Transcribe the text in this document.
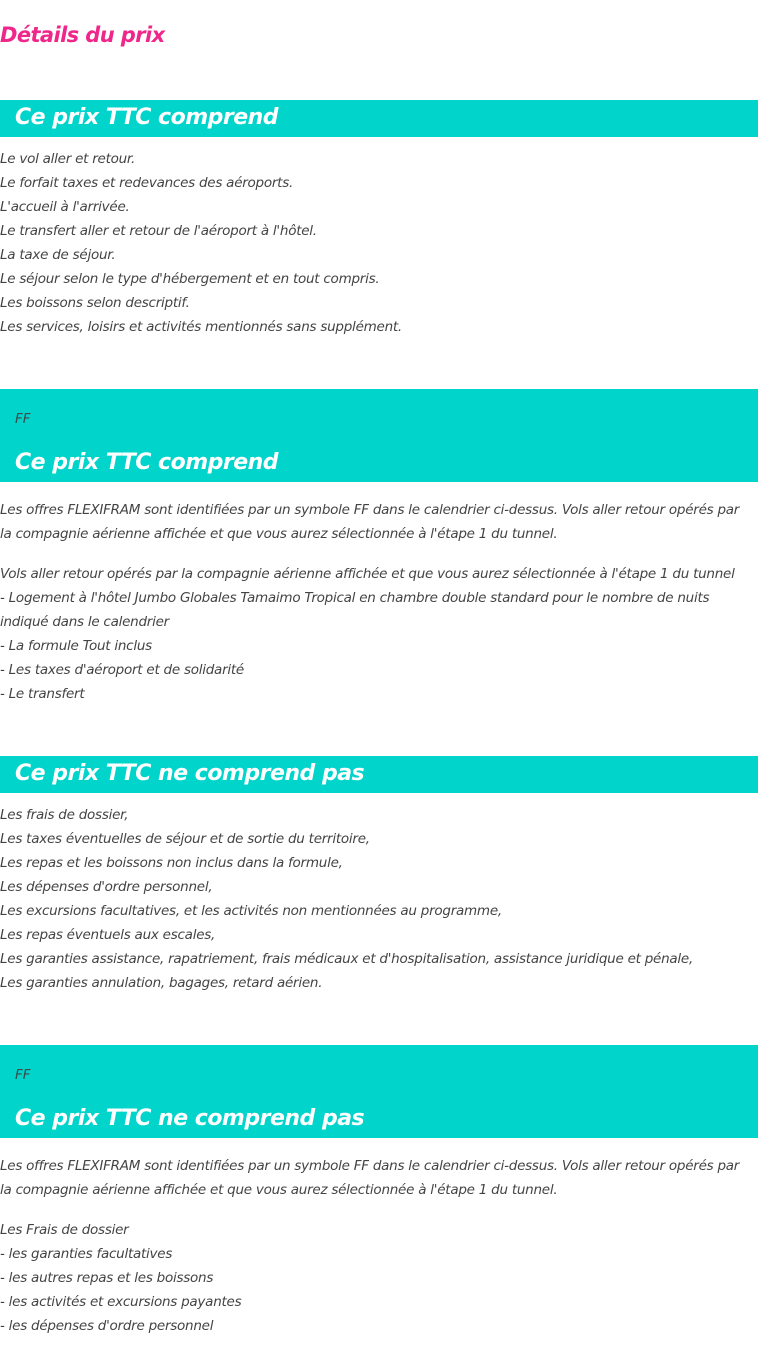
Détails du prix
Ce prix TTC comprend
Le vol aller et retour.
Le forfait taxes et redevances des aéroports.
L'accueil à l'arrivée.
Le transfert aller et retour de l'aéroport à l'hôtel.
La taxe de séjour.
Le séjour selon le type d'hébergement et en tout compris.
Les boissons selon descriptif.
Les services, loisirs et activités mentionnés sans supplément.
FF
Ce prix TTC comprend

Les offres FLEXIFRAM sont identifiées par un symbole FF dans le calendrier ci-dessus. Vols aller retour opérés par la compagnie aérienne affichée et que vous aurez sélectionnée à l'étape 1 du tunnel.

Vols aller retour opérés par la compagnie aérienne affichée et que vous aurez sélectionnée à l'étape 1 du tunnel

- Logement à l'hôtel Jumbo Globales Tamaimo Tropical en chambre double standard pour le nombre de nuits indiqué dans le calendrier

- La formule Tout inclus
- Les taxes d'aéroport et de solidarité
- Le transfert
Ce prix TTC ne comprend pas
Les frais de dossier,
Les taxes éventuelles de séjour et de sortie du territoire,
Les repas et les boissons non inclus dans la formule,
Les dépenses d'ordre personnel,
Les excursions facultatives, et les activités non mentionnées au programme,
Les repas éventuels aux escales,
Les garanties assistance, rapatriement, frais médicaux et d'hospitalisation, assistance juridique et pénale,
Les garanties annulation, bagages, retard aérien.
FF
Ce prix TTC ne comprend pas

Les offres FLEXIFRAM sont identifiées par un symbole FF dans le calendrier ci-dessus. Vols aller retour opérés par la compagnie aérienne affichée et que vous aurez sélectionnée à l'étape 1 du tunnel.

Les Frais de dossier
- les garanties facultatives
- les autres repas et les boissons
- les activités et excursions payantes
- les dépenses d'ordre personnel
